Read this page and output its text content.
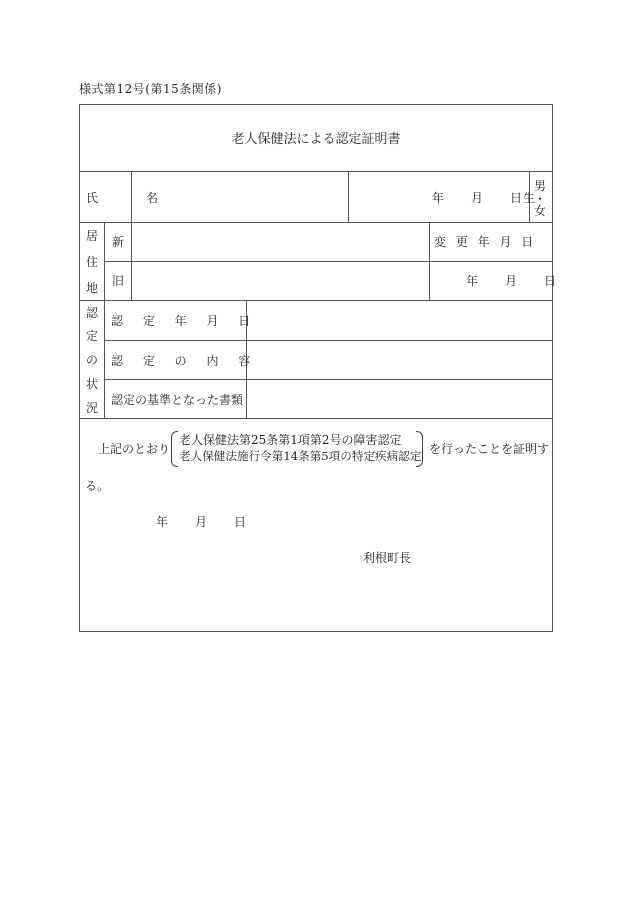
様式第12号(第15条関係)
老人保健法による認定証明書
氏　名	年　　月　　日生
男
・
女
居
住
地
新	変 更 年 月 日
旧	年　　月　　日
認
定
の
状
況
認 定 年 月 日
認 定 の 内 容
認定の基準となった書類
上記のとおり
老人保健法第25条第1項第2号の障害認定
老人保健法施行令第14条第5項の特定疾病認定 を行ったことを証明す
る。
年　　月　　日
利根町長
